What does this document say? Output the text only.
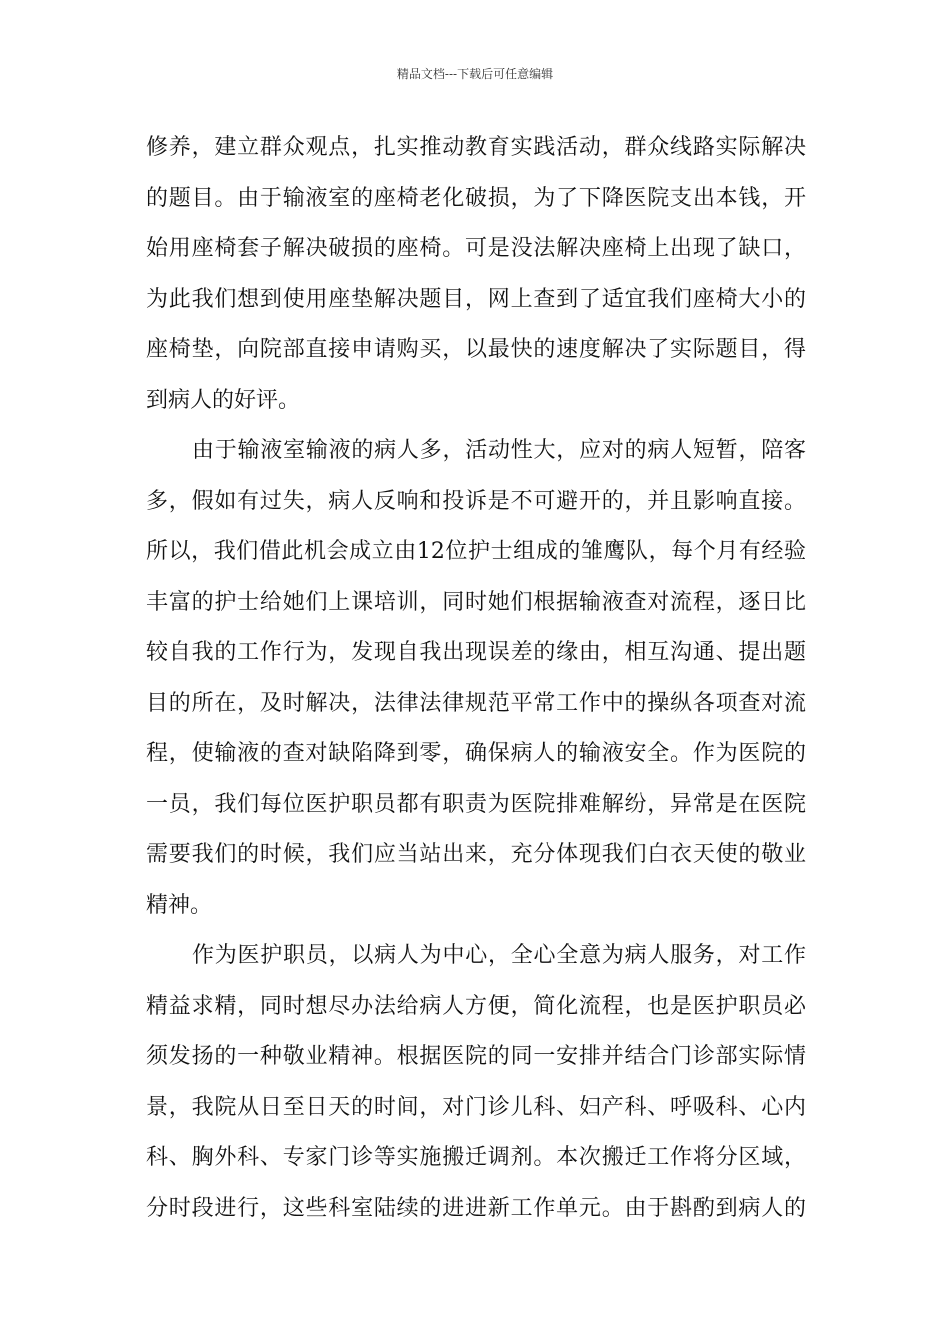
精品文档---下载后可任意编辑
修养，建立群众观点，扎实推动教育实践活动，群众线路实际解决
的题目。由于输液室的座椅老化破损，为了下降医院支出本钱，开
始用座椅套子解决破损的座椅。可是没法解决座椅上出现了缺口，
为此我们想到使用座垫解决题目，网上查到了适宜我们座椅大小的
座椅垫，向院部直接申请购买，以最快的速度解决了实际题目，得
到病人的好评。
由于输液室输液的病人多，活动性大，应对的病人短暂，陪客
多，假如有过失，病人反响和投诉是不可避开的，并且影响直接。
所以，我们借此机会成立由12位护士组成的雏鹰队，每个月有经验
丰富的护士给她们上课培训，同时她们根据输液查对流程，逐日比
较自我的工作行为，发现自我出现误差的缘由，相互沟通、提出题
目的所在，及时解决，法律法律规范平常工作中的操纵各项查对流
程，使输液的查对缺陷降到零，确保病人的输液安全。作为医院的
一员，我们每位医护职员都有职责为医院排难解纷，异常是在医院
需要我们的时候，我们应当站出来，充分体现我们白衣天使的敬业
精神。
作为医护职员，以病人为中心，全心全意为病人服务，对工作
精益求精，同时想尽办法给病人方便，简化流程，也是医护职员必
须发扬的一种敬业精神。根据医院的同一安排并结合门诊部实际情
景，我院从日至日天的时间，对门诊儿科、妇产科、呼吸科、心内
科、胸外科、专家门诊等实施搬迁调剂。本次搬迁工作将分区域，
分时段进行，这些科室陆续的进进新工作单元。由于斟酌到病人的
